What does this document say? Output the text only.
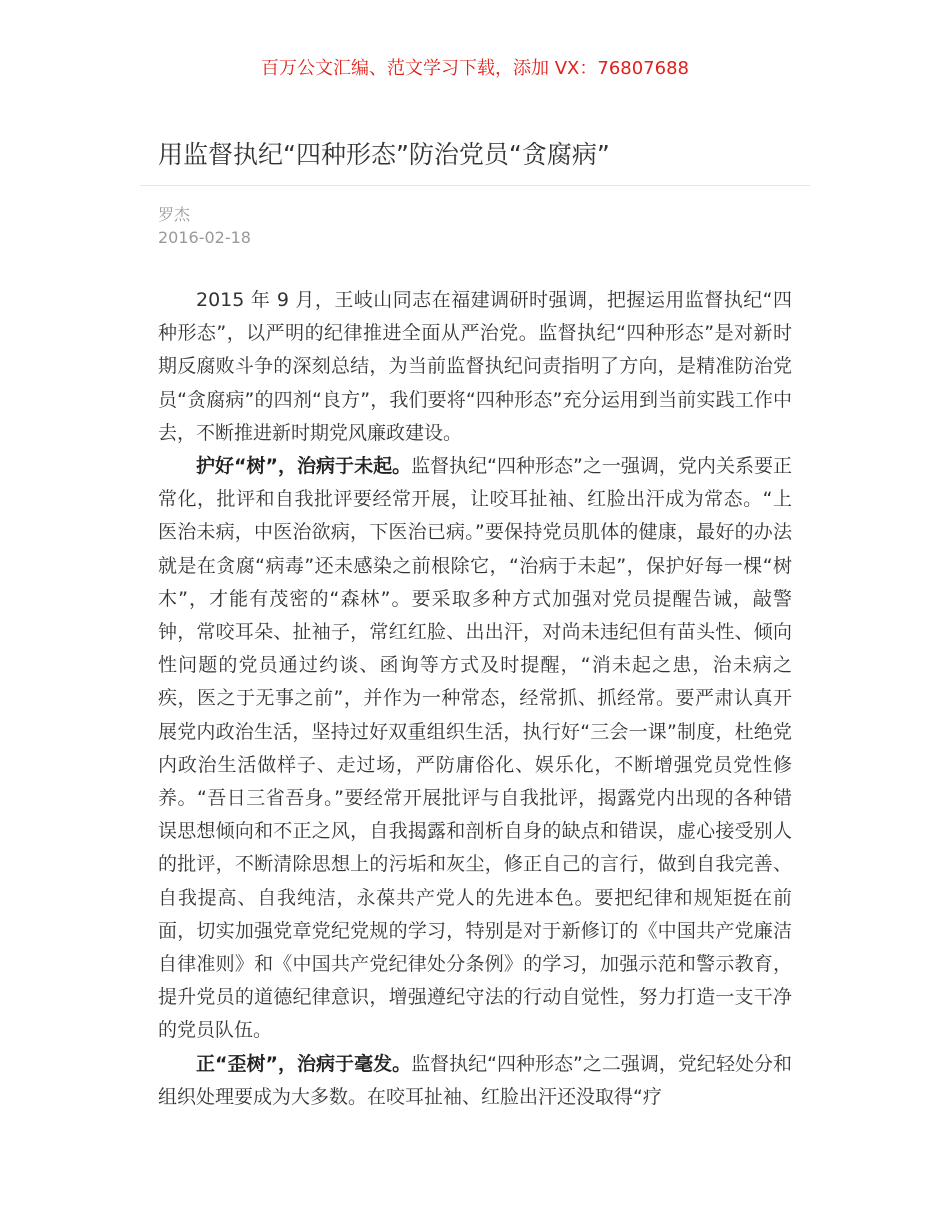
百万公文汇编、范文学习下载，添加 VX：76807688
用监督执纪“四种形态”防治党员“贪腐病”
罗杰
2016-02-18

2015 年 9 月，王岐山同志在福建调研时强调，把握运用监督执纪“四种形态”，以严明的纪律推进全面从严治党。监督执纪“四种形态”是对新时期反腐败斗争的深刻总结，为当前监督执纪问责指明了方向，是精准防治党员“贪腐病”的四剂“良方”，我们要将“四种形态”充分运用到当前实践工作中去，不断推进新时期党风廉政建设。

护好“树”，治病于未起。监督执纪“四种形态”之一强调，党内关系要正常化，批评和自我批评要经常开展，让咬耳扯袖、红脸出汗成为常态。“上医治未病，中医治欲病，下医治已病。”要保持党员肌体的健康，最好的办法就是在贪腐“病毒”还未感染之前根除它，“治病于未起”，保护好每一棵“树木”，才能有茂密的“森林”。要采取多种方式加强对党员提醒告诫，敲警钟，常咬耳朵、扯袖子，常红红脸、出出汗，对尚未违纪但有苗头性、倾向性问题的党员通过约谈、函询等方式及时提醒，“消未起之患，治未病之疾，医之于无事之前”，并作为一种常态，经常抓、抓经常。要严肃认真开展党内政治生活，坚持过好双重组织生活，执行好“三会一课”制度，杜绝党内政治生活做样子、走过场，严防庸俗化、娱乐化，不断增强党员党性修养。“吾日三省吾身。”要经常开展批评与自我批评，揭露党内出现的各种错误思想倾向和不正之风，自我揭露和剖析自身的缺点和错误，虚心接受别人的批评，不断清除思想上的污垢和灰尘，修正自己的言行，做到自我完善、自我提高、自我纯洁，永葆共产党人的先进本色。要把纪律和规矩挺在前面，切实加强党章党纪党规的学习，特别是对于新修订的《中国共产党廉洁自律准则》和《中国共产党纪律处分条例》的学习，加强示范和警示教育，提升党员的道德纪律意识，增强遵纪守法的行动自觉性，努力打造一支干净的党员队伍。

正“歪树”，治病于毫发。监督执纪“四种形态”之二强调，党纪轻处分和组织处理要成为大多数。在咬耳扯袖、红脸出汗还没取得“疗
